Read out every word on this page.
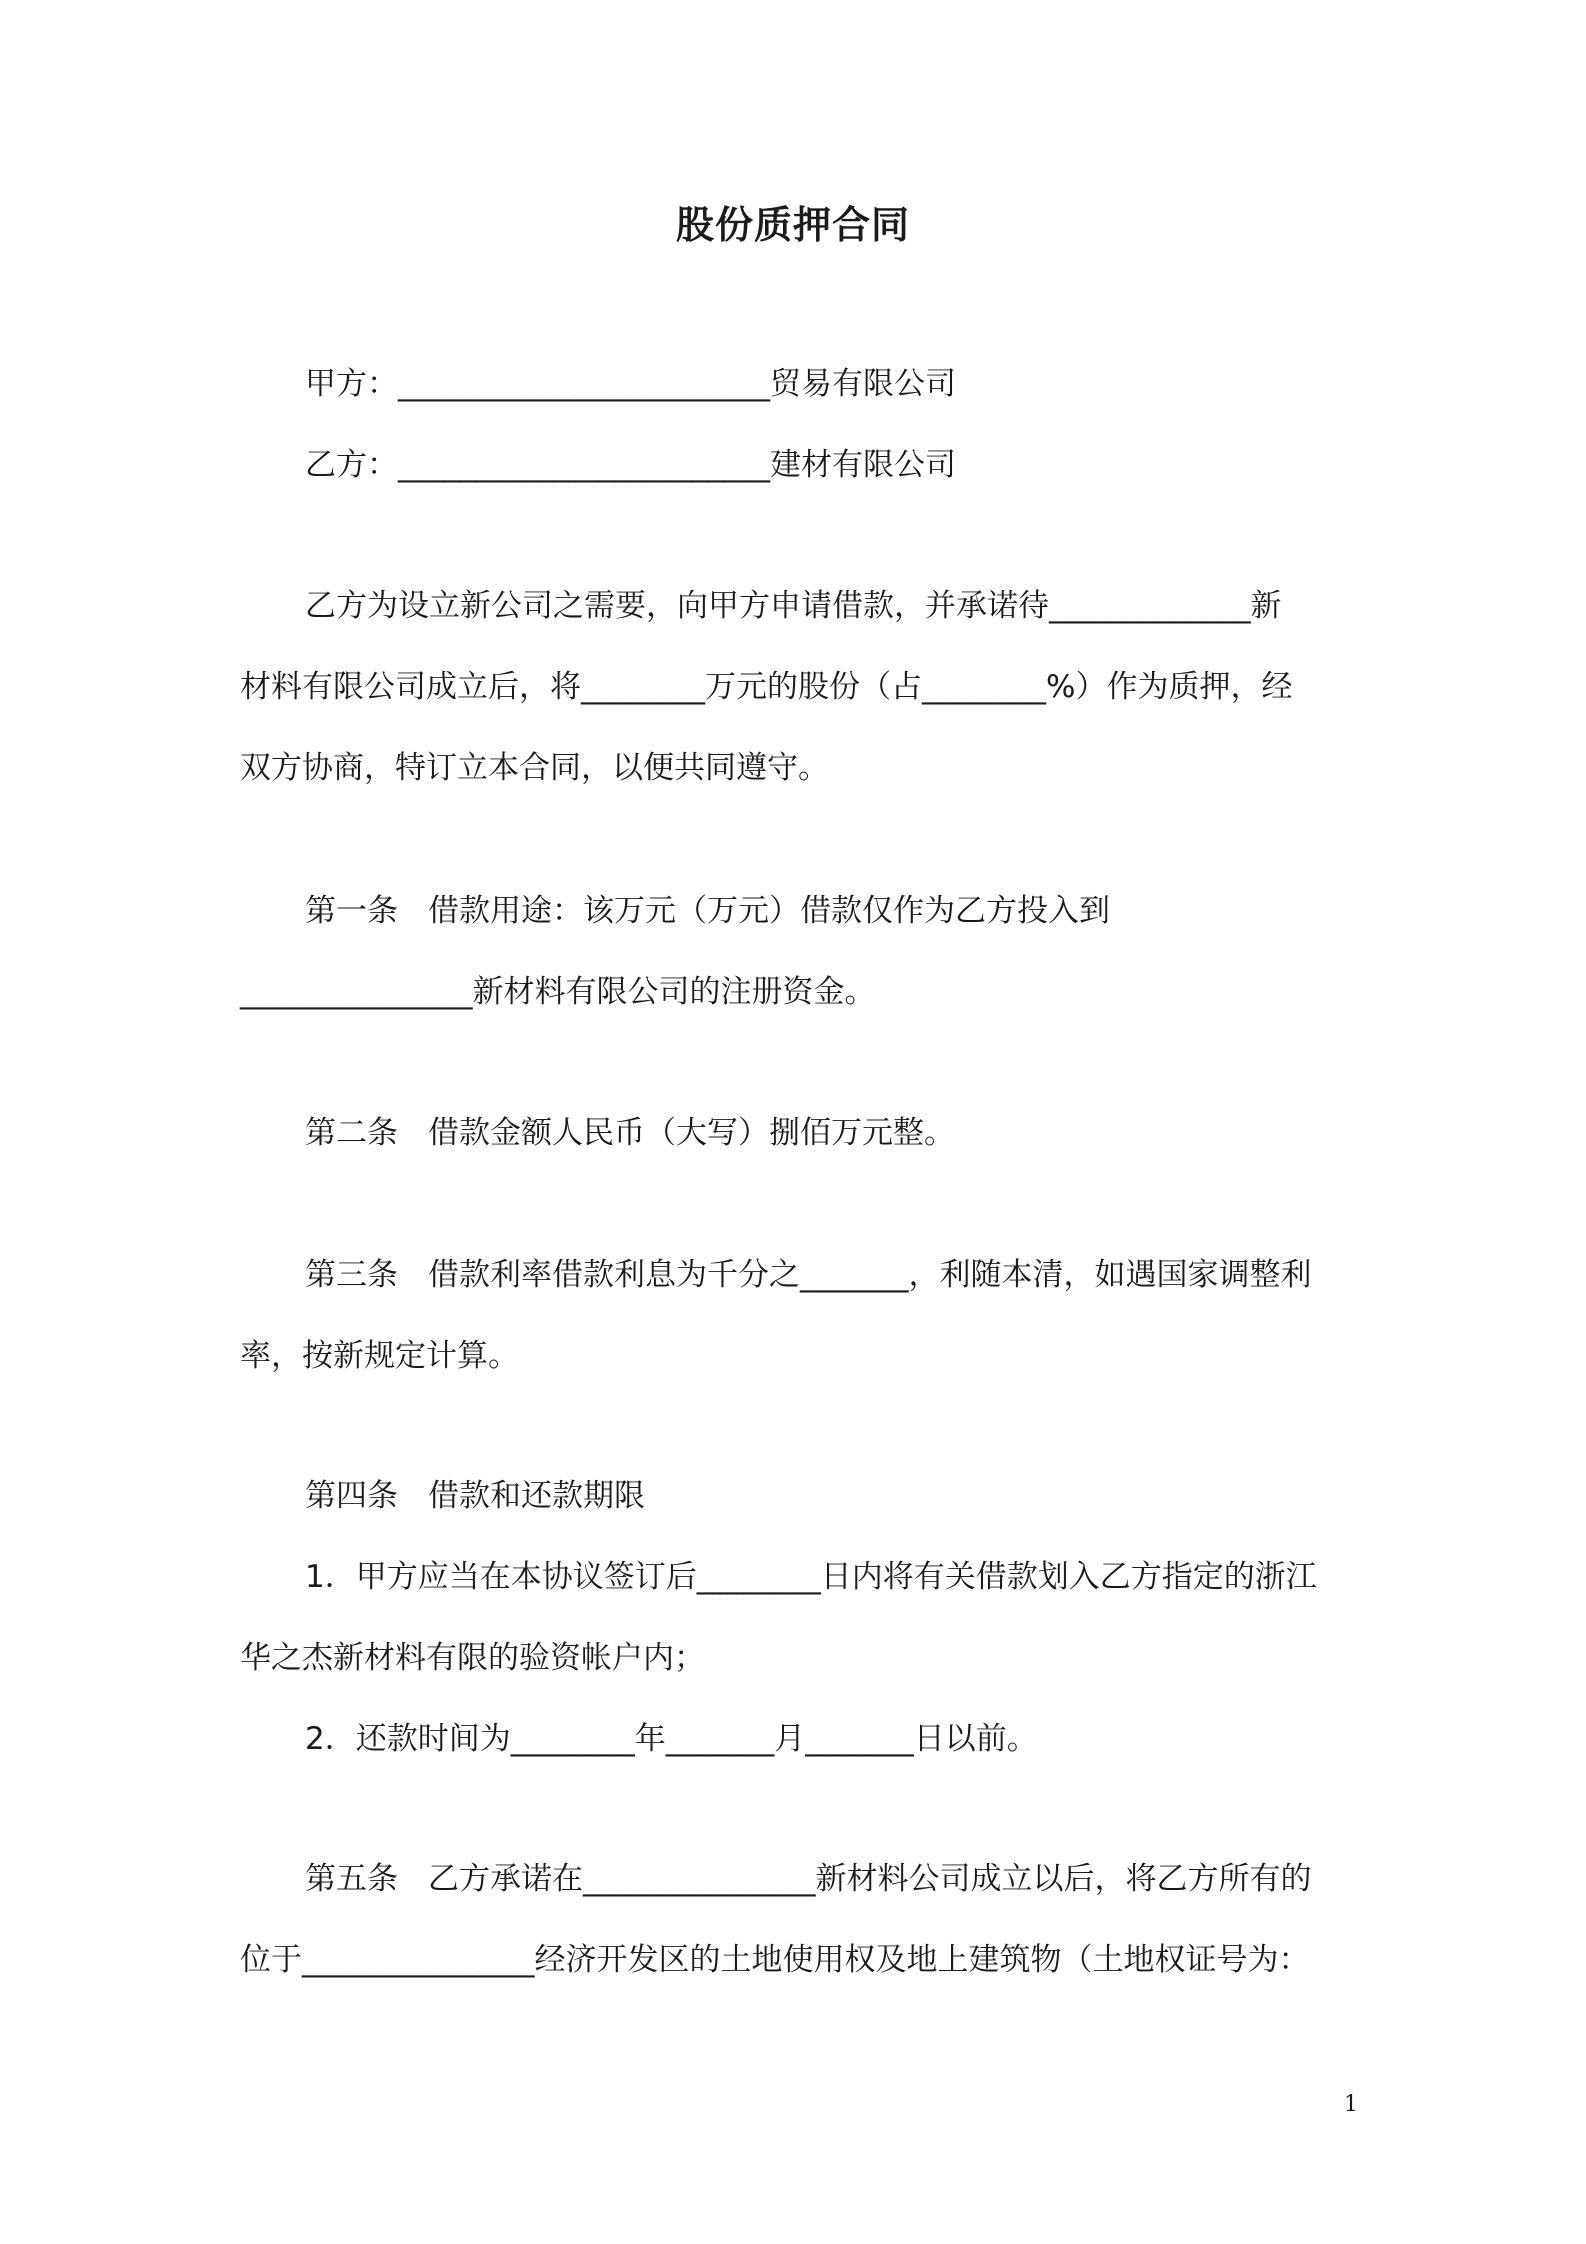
股份质押合同
甲方：________________________贸易有限公司
乙方：________________________建材有限公司
乙方为设立新公司之需要，向甲方申请借款，并承诺待_____________新
材料有限公司成立后，将________万元的股份（占________%）作为质押，经
双方协商，特订立本合同，以便共同遵守。
第一条 借款用途：该万元（万元）借款仅作为乙方投入到
_______________新材料有限公司的注册资金。
第二条 借款金额人民币（大写）捌佰万元整。
第三条 借款利率借款利息为千分之_______，利随本清，如遇国家调整利
率，按新规定计算。
第四条 借款和还款期限
1．甲方应当在本协议签订后________日内将有关借款划入乙方指定的浙江
华之杰新材料有限的验资帐户内；
2．还款时间为________年_______月_______日以前。
第五条 乙方承诺在_______________新材料公司成立以后，将乙方所有的
位于_______________经济开发区的土地使用权及地上建筑物（土地权证号为：
1
